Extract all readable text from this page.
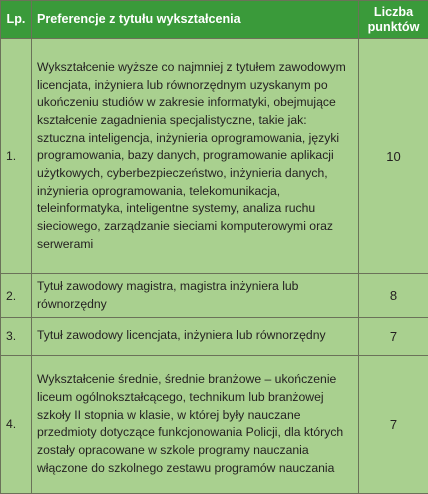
Lp.	Preferencje z tytułu wykształcenia	Liczba
punktów
1.	Wykształcenie wyższe co najmniej z tytułem zawodowym licencjata, inżyniera lub równorzędnym uzyskanym po ukończeniu studiów w zakresie informatyki, obejmujące kształcenie zagadnienia specjalistyczne, takie jak: sztuczna inteligencja, inżynieria oprogramowania, języki programowania, bazy danych, programowanie aplikacji użytkowych, cyberbezpieczeństwo, inżynieria danych, inżynieria oprogramowania, telekomunikacja, teleinformatyka, inteligentne systemy, analiza ruchu sieciowego, zarządzanie sieciami komputerowymi oraz serwerami	10
2.	Tytuł zawodowy magistra, magistra inżyniera lub równorzędny	8
3.	Tytuł zawodowy licencjata, inżyniera lub równorzędny	7
4.	Wykształcenie średnie, średnie branżowe – ukończenie liceum ogólnokształcącego, technikum lub branżowej szkoły II stopnia w klasie, w której były nauczane przedmioty dotyczące funkcjonowania Policji, dla których zostały opracowane w szkole programy nauczania włączone do szkolnego zestawu programów nauczania	7
